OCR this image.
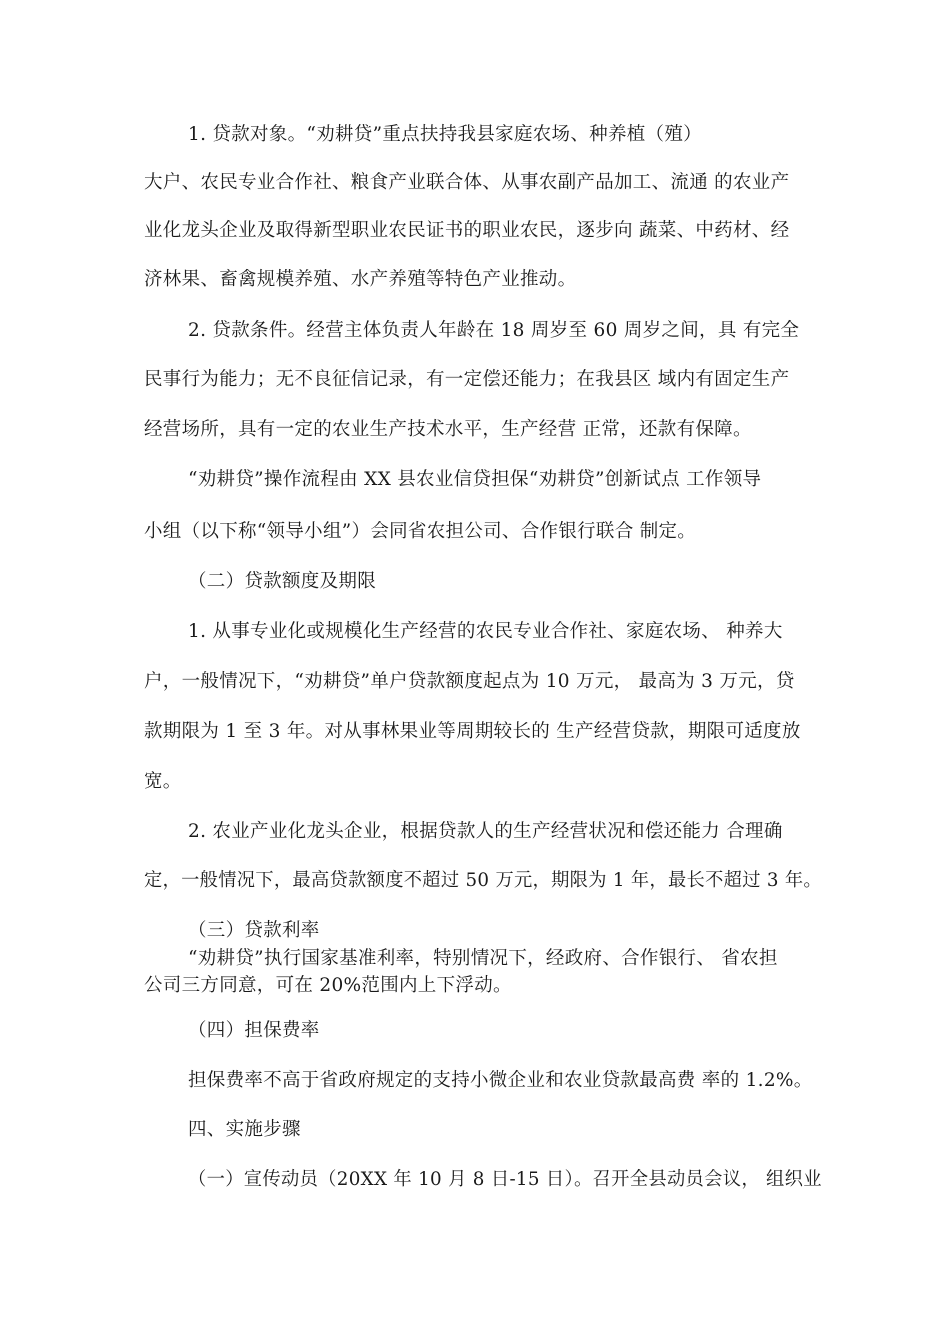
1. 贷款对象。“劝耕贷”重点扶持我县家庭农场、种养植（殖）
大户、农民专业合作社、粮食产业联合体、从事农副产品加工、流通 的农业产
业化龙头企业及取得新型职业农民证书的职业农民，逐步向 蔬菜、中药材、经
济林果、畜禽规模养殖、水产养殖等特色产业推动。
2. 贷款条件。经营主体负责人年龄在 18 周岁至 60 周岁之间，具 有完全
民事行为能力；无不良征信记录，有一定偿还能力；在我县区 域内有固定生产
经营场所，具有一定的农业生产技术水平，生产经营 正常，还款有保障。
“劝耕贷”操作流程由 XX 县农业信贷担保“劝耕贷”创新试点 工作领导
小组（以下称“领导小组”）会同省农担公司、合作银行联合 制定。
（二）贷款额度及期限
1. 从事专业化或规模化生产经营的农民专业合作社、家庭农场、 种养大
户，一般情况下，“劝耕贷”单户贷款额度起点为 10 万元， 最高为 3 万元，贷
款期限为 1 至 3 年。对从事林果业等周期较长的 生产经营贷款，期限可适度放
宽。
2. 农业产业化龙头企业，根据贷款人的生产经营状况和偿还能力 合理确
定，一般情况下，最高贷款额度不超过 50 万元，期限为 1 年，最长不超过 3 年。
（三）贷款利率
“劝耕贷”执行国家基准利率，特别情况下，经政府、合作银行、 省农担
公司三方同意，可在 20%范围内上下浮动。
（四）担保费率
担保费率不高于省政府规定的支持小微企业和农业贷款最高费 率的 1.2%。
四、实施步骤
（一）宣传动员（20XX 年 10 月 8 日-15 日）。召开全县动员会议， 组织业
